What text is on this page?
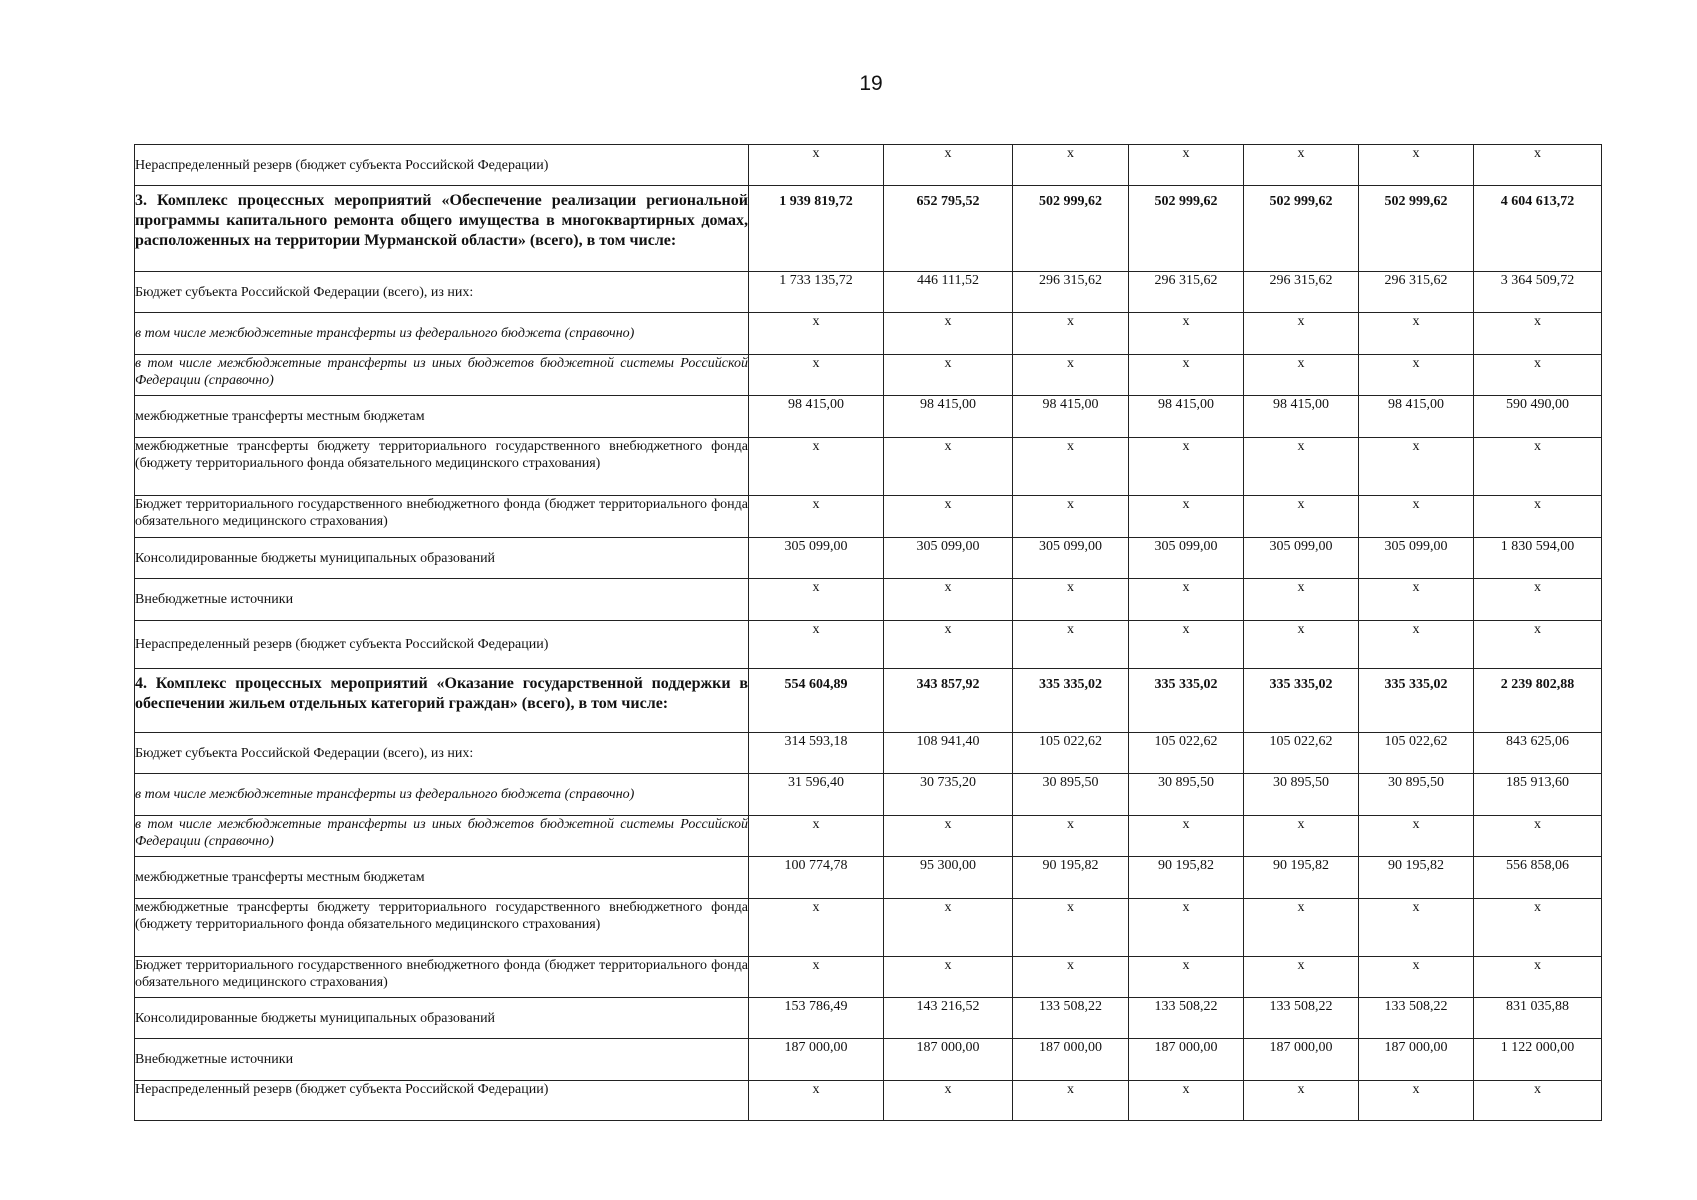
19
Нераспределенный резерв (бюджет субъекта Российской Федерации)	х	х	х	х	х	х	х
3. Комплекс процессных мероприятий «Обеспечение реализации региональной программы капитального ремонта общего имущества в многоквартирных домах, расположенных на территории Мурманской области» (всего), в том числе:	1 939 819,72	652 795,52	502 999,62	502 999,62	502 999,62	502 999,62	4 604 613,72
Бюджет субъекта Российской Федерации (всего), из них:	1 733 135,72	446 111,52	296 315,62	296 315,62	296 315,62	296 315,62	3 364 509,72
в том числе межбюджетные трансферты из федерального бюджета (справочно)	х	х	х	х	х	х	х
в том числе межбюджетные трансферты из иных бюджетов бюджетной системы Российской Федерации (справочно)	х	х	х	х	х	х	х
межбюджетные трансферты местным бюджетам	98 415,00	98 415,00	98 415,00	98 415,00	98 415,00	98 415,00	590 490,00
межбюджетные трансферты бюджету территориального государственного внебюджетного фонда (бюджету территориального фонда обязательного медицинского страхования)	х	х	х	х	х	х	х
Бюджет территориального государственного внебюджетного фонда (бюджет территориального фонда обязательного медицинского страхования)	х	х	х	х	х	х	х
Консолидированные бюджеты муниципальных образований	305 099,00	305 099,00	305 099,00	305 099,00	305 099,00	305 099,00	1 830 594,00
Внебюджетные источники	х	х	х	х	х	х	х
Нераспределенный резерв (бюджет субъекта Российской Федерации)	х	х	х	х	х	х	х
4. Комплекс процессных мероприятий «Оказание государственной поддержки в обеспечении жильем отдельных категорий граждан» (всего), в том числе:	554 604,89	343 857,92	335 335,02	335 335,02	335 335,02	335 335,02	2 239 802,88
Бюджет субъекта Российской Федерации (всего), из них:	314 593,18	108 941,40	105 022,62	105 022,62	105 022,62	105 022,62	843 625,06
в том числе межбюджетные трансферты из федерального бюджета (справочно)	31 596,40	30 735,20	30 895,50	30 895,50	30 895,50	30 895,50	185 913,60
в том числе межбюджетные трансферты из иных бюджетов бюджетной системы Российской Федерации (справочно)	х	х	х	х	х	х	х
межбюджетные трансферты местным бюджетам	100 774,78	95 300,00	90 195,82	90 195,82	90 195,82	90 195,82	556 858,06
межбюджетные трансферты бюджету территориального государственного внебюджетного фонда (бюджету территориального фонда обязательного медицинского страхования)	х	х	х	х	х	х	х
Бюджет территориального государственного внебюджетного фонда (бюджет территориального фонда обязательного медицинского страхования)	х	х	х	х	х	х	х
Консолидированные бюджеты муниципальных образований	153 786,49	143 216,52	133 508,22	133 508,22	133 508,22	133 508,22	831 035,88
Внебюджетные источники	187 000,00	187 000,00	187 000,00	187 000,00	187 000,00	187 000,00	1 122 000,00
Нераспределенный резерв (бюджет субъекта Российской Федерации)	х	х	х	х	х	х	х
